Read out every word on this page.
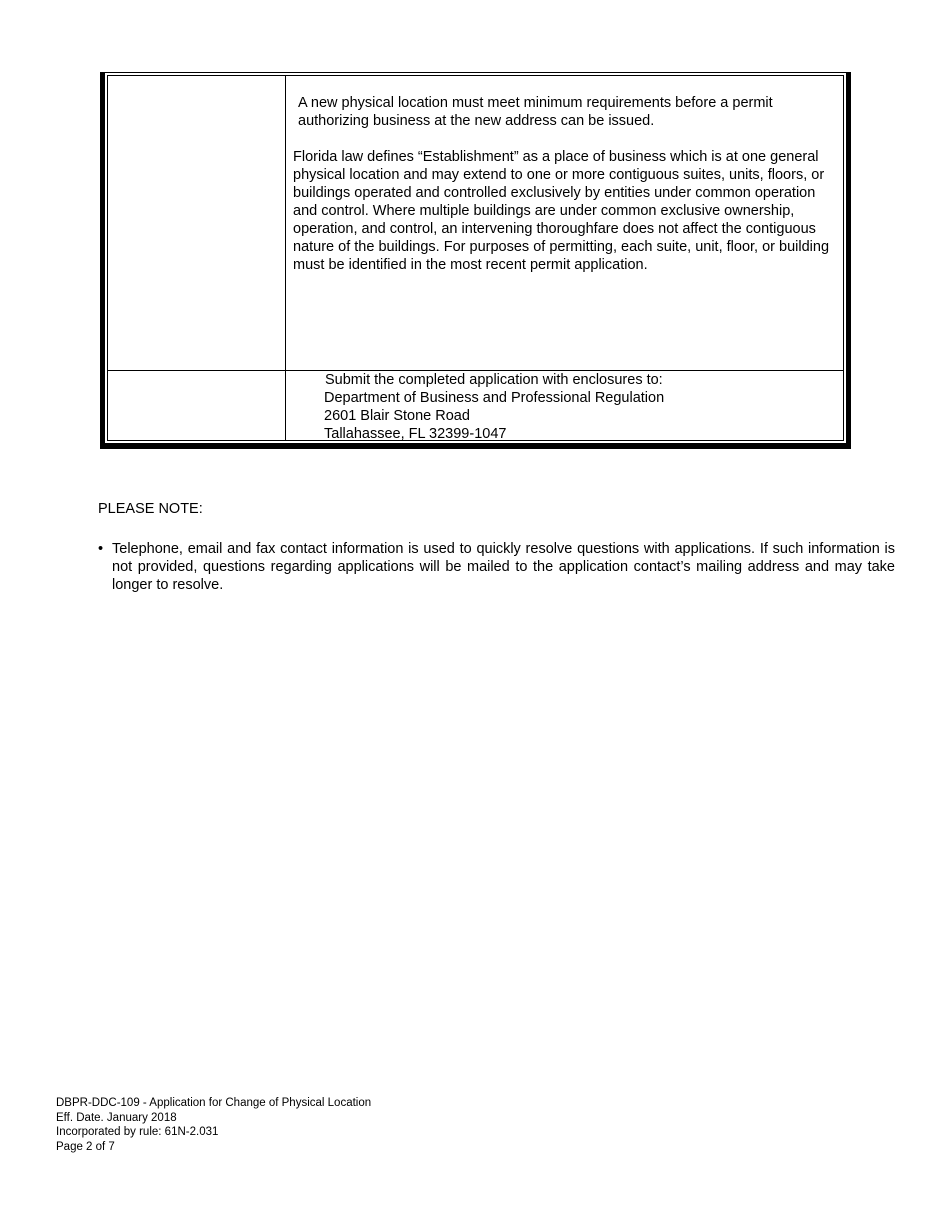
A new physical location must meet minimum requirements before a permit authorizing business at the new address can be issued.

Florida law defines “Establishment” as a place of business which is at one general physical location and may extend to one or more contiguous suites, units, floors, or buildings operated and controlled exclusively by entities under common operation and control. Where multiple buildings are under common exclusive ownership, operation, and control, an intervening thoroughfare does not affect the contiguous nature of the buildings. For purposes of permitting, each suite, unit, floor, or building must be identified in the most recent permit application.

Submit the completed application with enclosures to:
Department of Business and Professional Regulation
2601 Blair Stone Road
Tallahassee, FL 32399-1047
PLEASE NOTE:
• Telephone, email and fax contact information is used to quickly resolve questions with applications. If such information is not provided, questions regarding applications will be mailed to the application contact’s mailing address and may take longer to resolve.
DBPR-DDC-109 - Application for Change of Physical Location
Eff. Date. January 2018
Incorporated by rule: 61N-2.031
Page 2 of 7
